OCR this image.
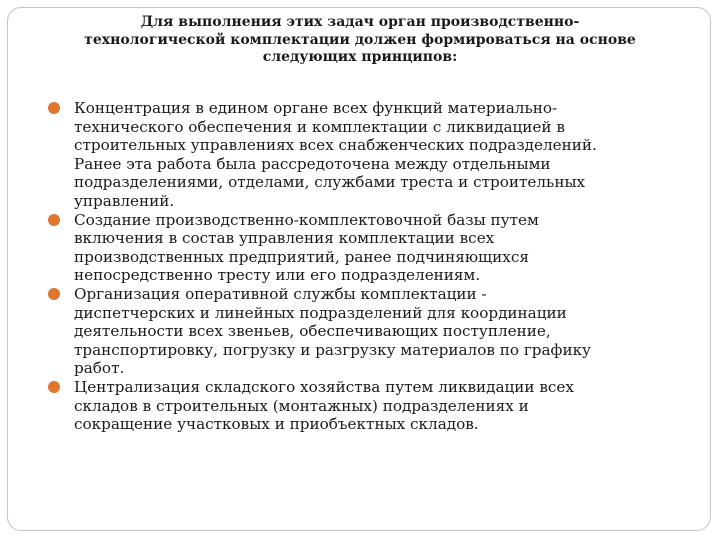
Для выполнения этих задач орган производственно-
технологической комплектации должен формироваться на основе
следующих принципов:
Концентрация в едином органе всех функций материально-
технического обеспечения и комплектации с ликвидацией в
строительных управлениях всех снабженческих подразделений.
Ранее эта работа была рассредоточена между отдельными
подразделениями, отделами, службами треста и строительных
управлений.
Создание производственно-комплектовочной базы путем
включения в состав управления комплектации всех
производственных предприятий, ранее подчиняющихся
непосредственно тресту или его подразделениям.
Организация оперативной службы комплектации -
диспетчерских и линейных подразделений для координации
деятельности всех звеньев, обеспечивающих поступление,
транспортировку, погрузку и разгрузку материалов по графику
работ.
Централизация складского хозяйства путем ликвидации всех
складов в строительных (монтажных) подразделениях и
сокращение участковых и приобъектных складов.
